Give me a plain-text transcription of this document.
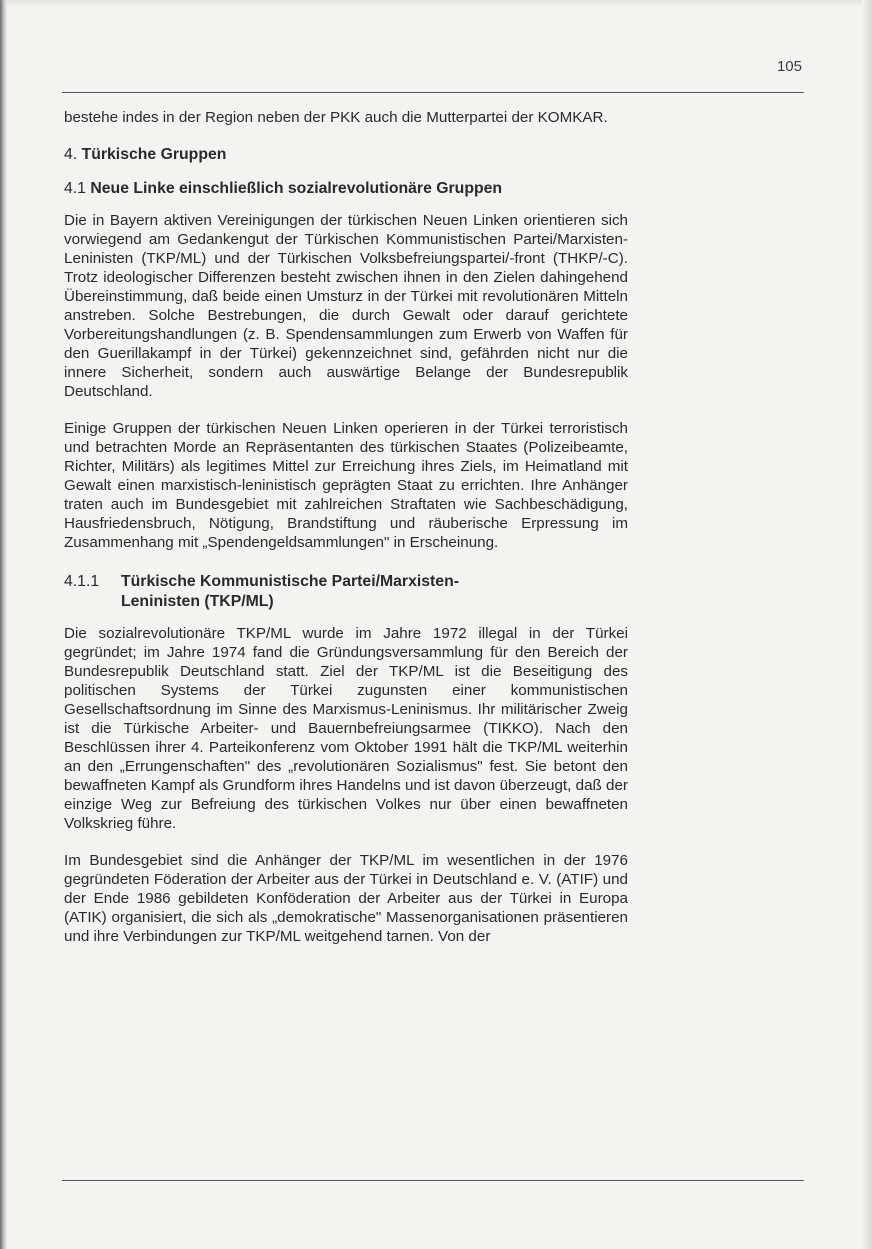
105

bestehe indes in der Region neben der PKK auch die Mutterpartei der KOMKAR.

4. Türkische Gruppen
4.1 Neue Linke einschließlich sozialrevolutionäre Gruppen

Die in Bayern aktiven Vereinigungen der türkischen Neuen Linken orientieren sich vorwiegend am Gedankengut der Türkischen Kommunistischen Partei/Marxisten-Leninisten (TKP/ML) und der Türkischen Volksbefreiungspartei/-front (THKP/-C). Trotz ideologischer Differenzen besteht zwischen ihnen in den Zielen dahingehend Übereinstimmung, daß beide einen Umsturz in der Türkei mit revolutionären Mitteln anstreben. Solche Bestrebungen, die durch Gewalt oder darauf gerichtete Vorbereitungshandlungen (z. B. Spendensammlungen zum Erwerb von Waffen für den Guerillakampf in der Türkei) gekennzeichnet sind, gefährden nicht nur die innere Sicherheit, sondern auch auswärtige Belange der Bundesrepublik Deutschland.

Einige Gruppen der türkischen Neuen Linken operieren in der Türkei terroristisch und betrachten Morde an Repräsentanten des türkischen Staates (Polizeibeamte, Richter, Militärs) als legitimes Mittel zur Erreichung ihres Ziels, im Heimatland mit Gewalt einen marxistisch-leninistisch geprägten Staat zu errichten. Ihre Anhänger traten auch im Bundesgebiet mit zahlreichen Straftaten wie Sachbeschädigung, Hausfriedensbruch, Nötigung, Brandstiftung und räuberische Erpressung im Zusammenhang mit „Spendengeldsammlungen" in Erscheinung.

4.1.1 Türkische Kommunistische Partei/Marxisten-
Leninisten (TKP/ML)

Die sozialrevolutionäre TKP/ML wurde im Jahre 1972 illegal in der Türkei gegründet; im Jahre 1974 fand die Gründungsversammlung für den Bereich der Bundesrepublik Deutschland statt. Ziel der TKP/ML ist die Beseitigung des politischen Systems der Türkei zugunsten einer kommunistischen Gesellschaftsordnung im Sinne des Marxismus-Leninismus. Ihr militärischer Zweig ist die Türkische Arbeiter- und Bauernbefreiungsarmee (TIKKO). Nach den Beschlüssen ihrer 4. Parteikonferenz vom Oktober 1991 hält die TKP/ML weiterhin an den „Errungenschaften" des „revolutionären Sozialismus" fest. Sie betont den bewaffneten Kampf als Grundform ihres Handelns und ist davon überzeugt, daß der einzige Weg zur Befreiung des türkischen Volkes nur über einen bewaffneten Volkskrieg führe.

Im Bundesgebiet sind die Anhänger der TKP/ML im wesentlichen in der 1976 gegründeten Föderation der Arbeiter aus der Türkei in Deutschland e. V. (ATIF) und der Ende 1986 gebildeten Konföderation der Arbeiter aus der Türkei in Europa (ATIK) organisiert, die sich als „demokratische" Massenorganisationen präsentieren und ihre Verbindungen zur TKP/ML weitgehend tarnen. Von der
